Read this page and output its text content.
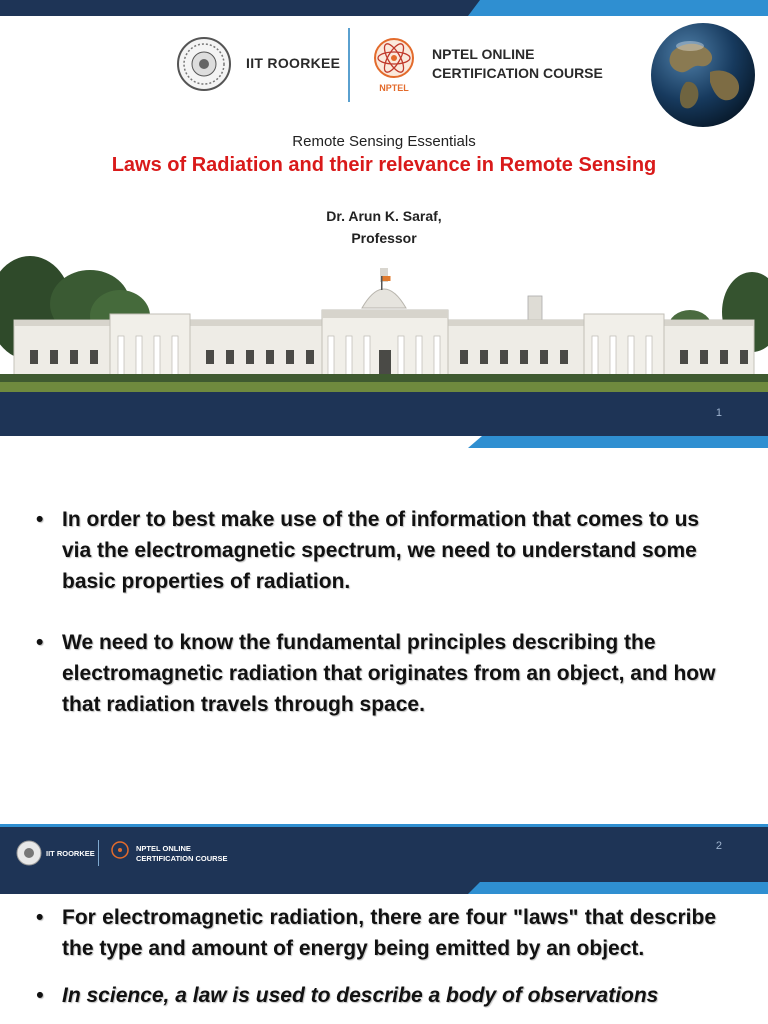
IIT ROORKEE
NPTEL
NPTEL ONLINE
CERTIFICATION COURSE
Remote Sensing Essentials
Laws of Radiation and their relevance in Remote Sensing
Dr. Arun K. Saraf,
Professor
1
• In order to best make use of the of information that comes to us via the electromagnetic spectrum, we need to understand some basic properties of radiation.
• We need to know the fundamental principles describing the electromagnetic radiation that originates from an object, and how that radiation travels through space.
IIT ROORKEE
NPTEL ONLINE
CERTIFICATION COURSE
2
• For electromagnetic radiation, there are four "laws" that describe the type and amount of energy being emitted by an object.
• In science, a law is used to describe a body of observations
